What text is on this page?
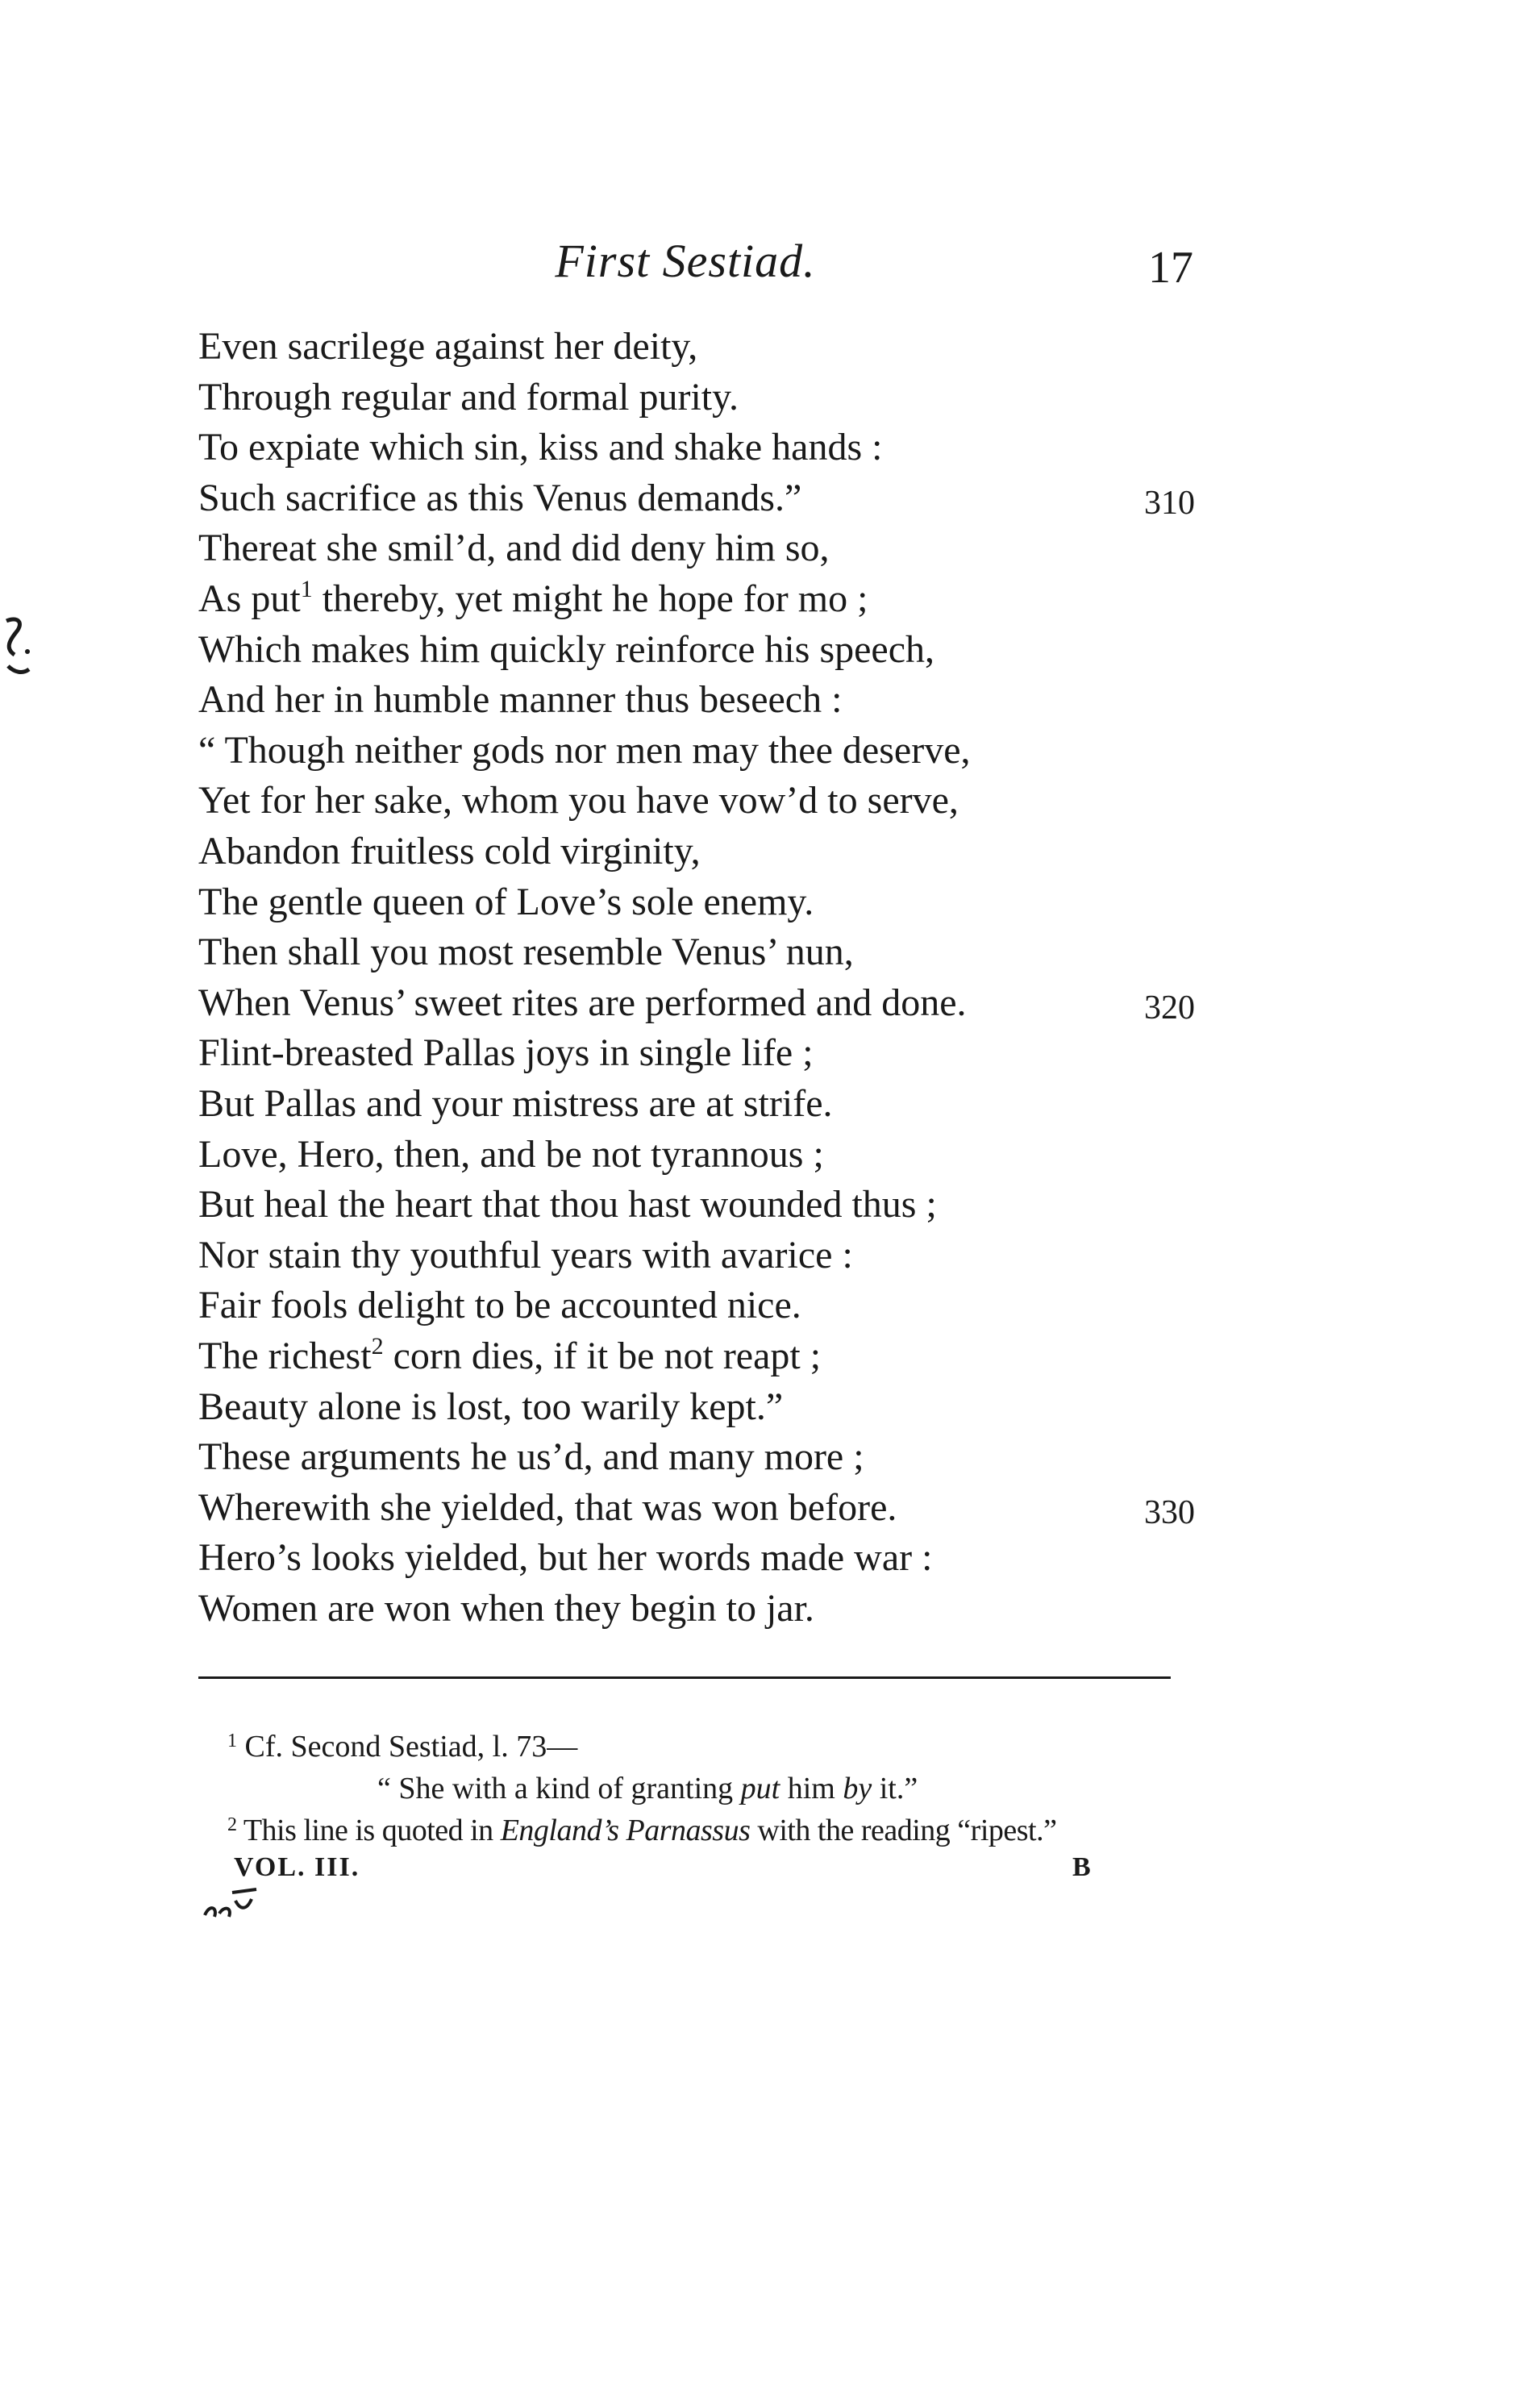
First Sestiad.	17
Even sacrilege against her deity,
Through regular and formal purity.
To expiate which sin, kiss and shake hands :
Such sacrifice as this Venus demands.”	310
Thereat she smil’d, and did deny him so,
As put$^1$ thereby, yet might he hope for mo ;
Which makes him quickly reinforce his speech,
And her in humble manner thus beseech :
“ Though neither gods nor men may thee deserve,
Yet for her sake, whom you have vow’d to serve,
Abandon fruitless cold virginity,
The gentle queen of Love’s sole enemy.
Then shall you most resemble Venus’ nun,
When Venus’ sweet rites are performed and done.	320
Flint-breasted Pallas joys in single life ;
But Pallas and your mistress are at strife.
Love, Hero, then, and be not tyrannous ;
But heal the heart that thou hast wounded thus ;
Nor stain thy youthful years with avarice :
Fair fools delight to be accounted nice.
The richest$^2$ corn dies, if it be not reapt ;
Beauty alone is lost, too warily kept.”
These arguments he us’d, and many more ;
Wherewith she yielded, that was won before.	330
Hero’s looks yielded, but her words made war :
Women are won when they begin to jar.
$^1$ Cf. Second Sestiad, l. 73—
“ She with a kind of granting put him by it.”
$^2$ This line is quoted in England’s Parnassus with the reading “ripest.”
VOL. III.	B
